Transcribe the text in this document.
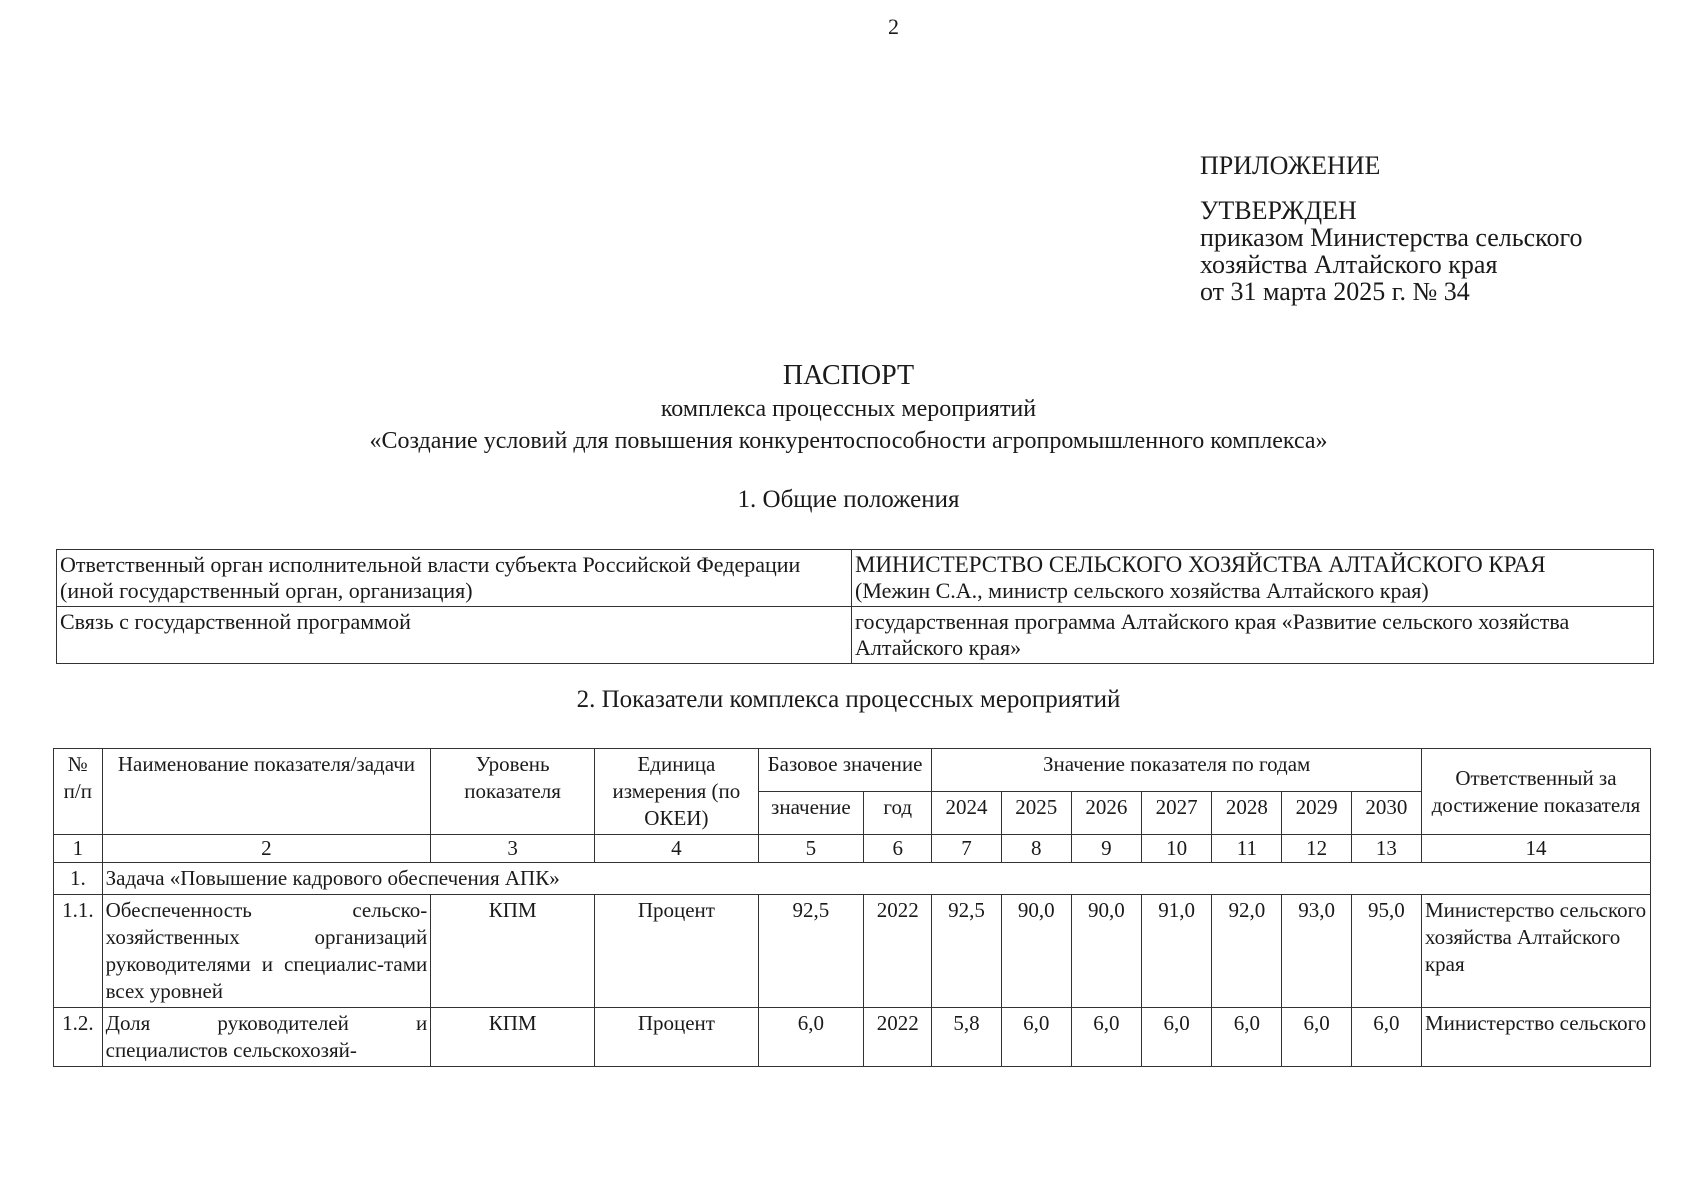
2
ПРИЛОЖЕНИЕ
УТВЕРЖДЕН
приказом Министерства сельского
хозяйства Алтайского края
от 31 марта 2025 г. № 34
ПАСПОРТ
комплекса процессных мероприятий
«Создание условий для повышения конкурентоспособности агропромышленного комплекса»
1. Общие положения
Ответственный орган исполнительной власти субъекта Российской Федерации (иной государственный орган, организация)	МИНИСТЕРСТВО СЕЛЬСКОГО ХОЗЯЙСТВА АЛТАЙСКОГО КРАЯ
(Межин С.А., министр сельского хозяйства Алтайского края)

Связь с государственной программой	государственная программа Алтайского края «Развитие сельского хозяйства Алтайского края»
2. Показатели комплекса процессных мероприятий
№ п/п	Наименование показателя/задачи	Уровень показателя	Единица измерения (по ОКЕИ)	Базовое значение		Значение показателя по годам							Ответственный за достижение показателя
				значение	год	2024	2025	2026	2027	2028	2029	2030	
1	2	3	4	5	6	7	8	9	10	11	12	13	14
1.	Задача «Повышение кадрового обеспечения АПК»												
1.1.	Обеспеченность сельско-хозяйственных организаций руководителями и специалис-тами всех уровней	КПМ	Процент	92,5	2022	92,5	90,0	90,0	91,0	92,0	93,0	95,0	Министерство сельского хозяйства Алтайского края
1.2.	Доля руководителей и специалистов сельскохозяй-	КПМ	Процент	6,0	2022	5,8	6,0	6,0	6,0	6,0	6,0	6,0	Министерство сельского
